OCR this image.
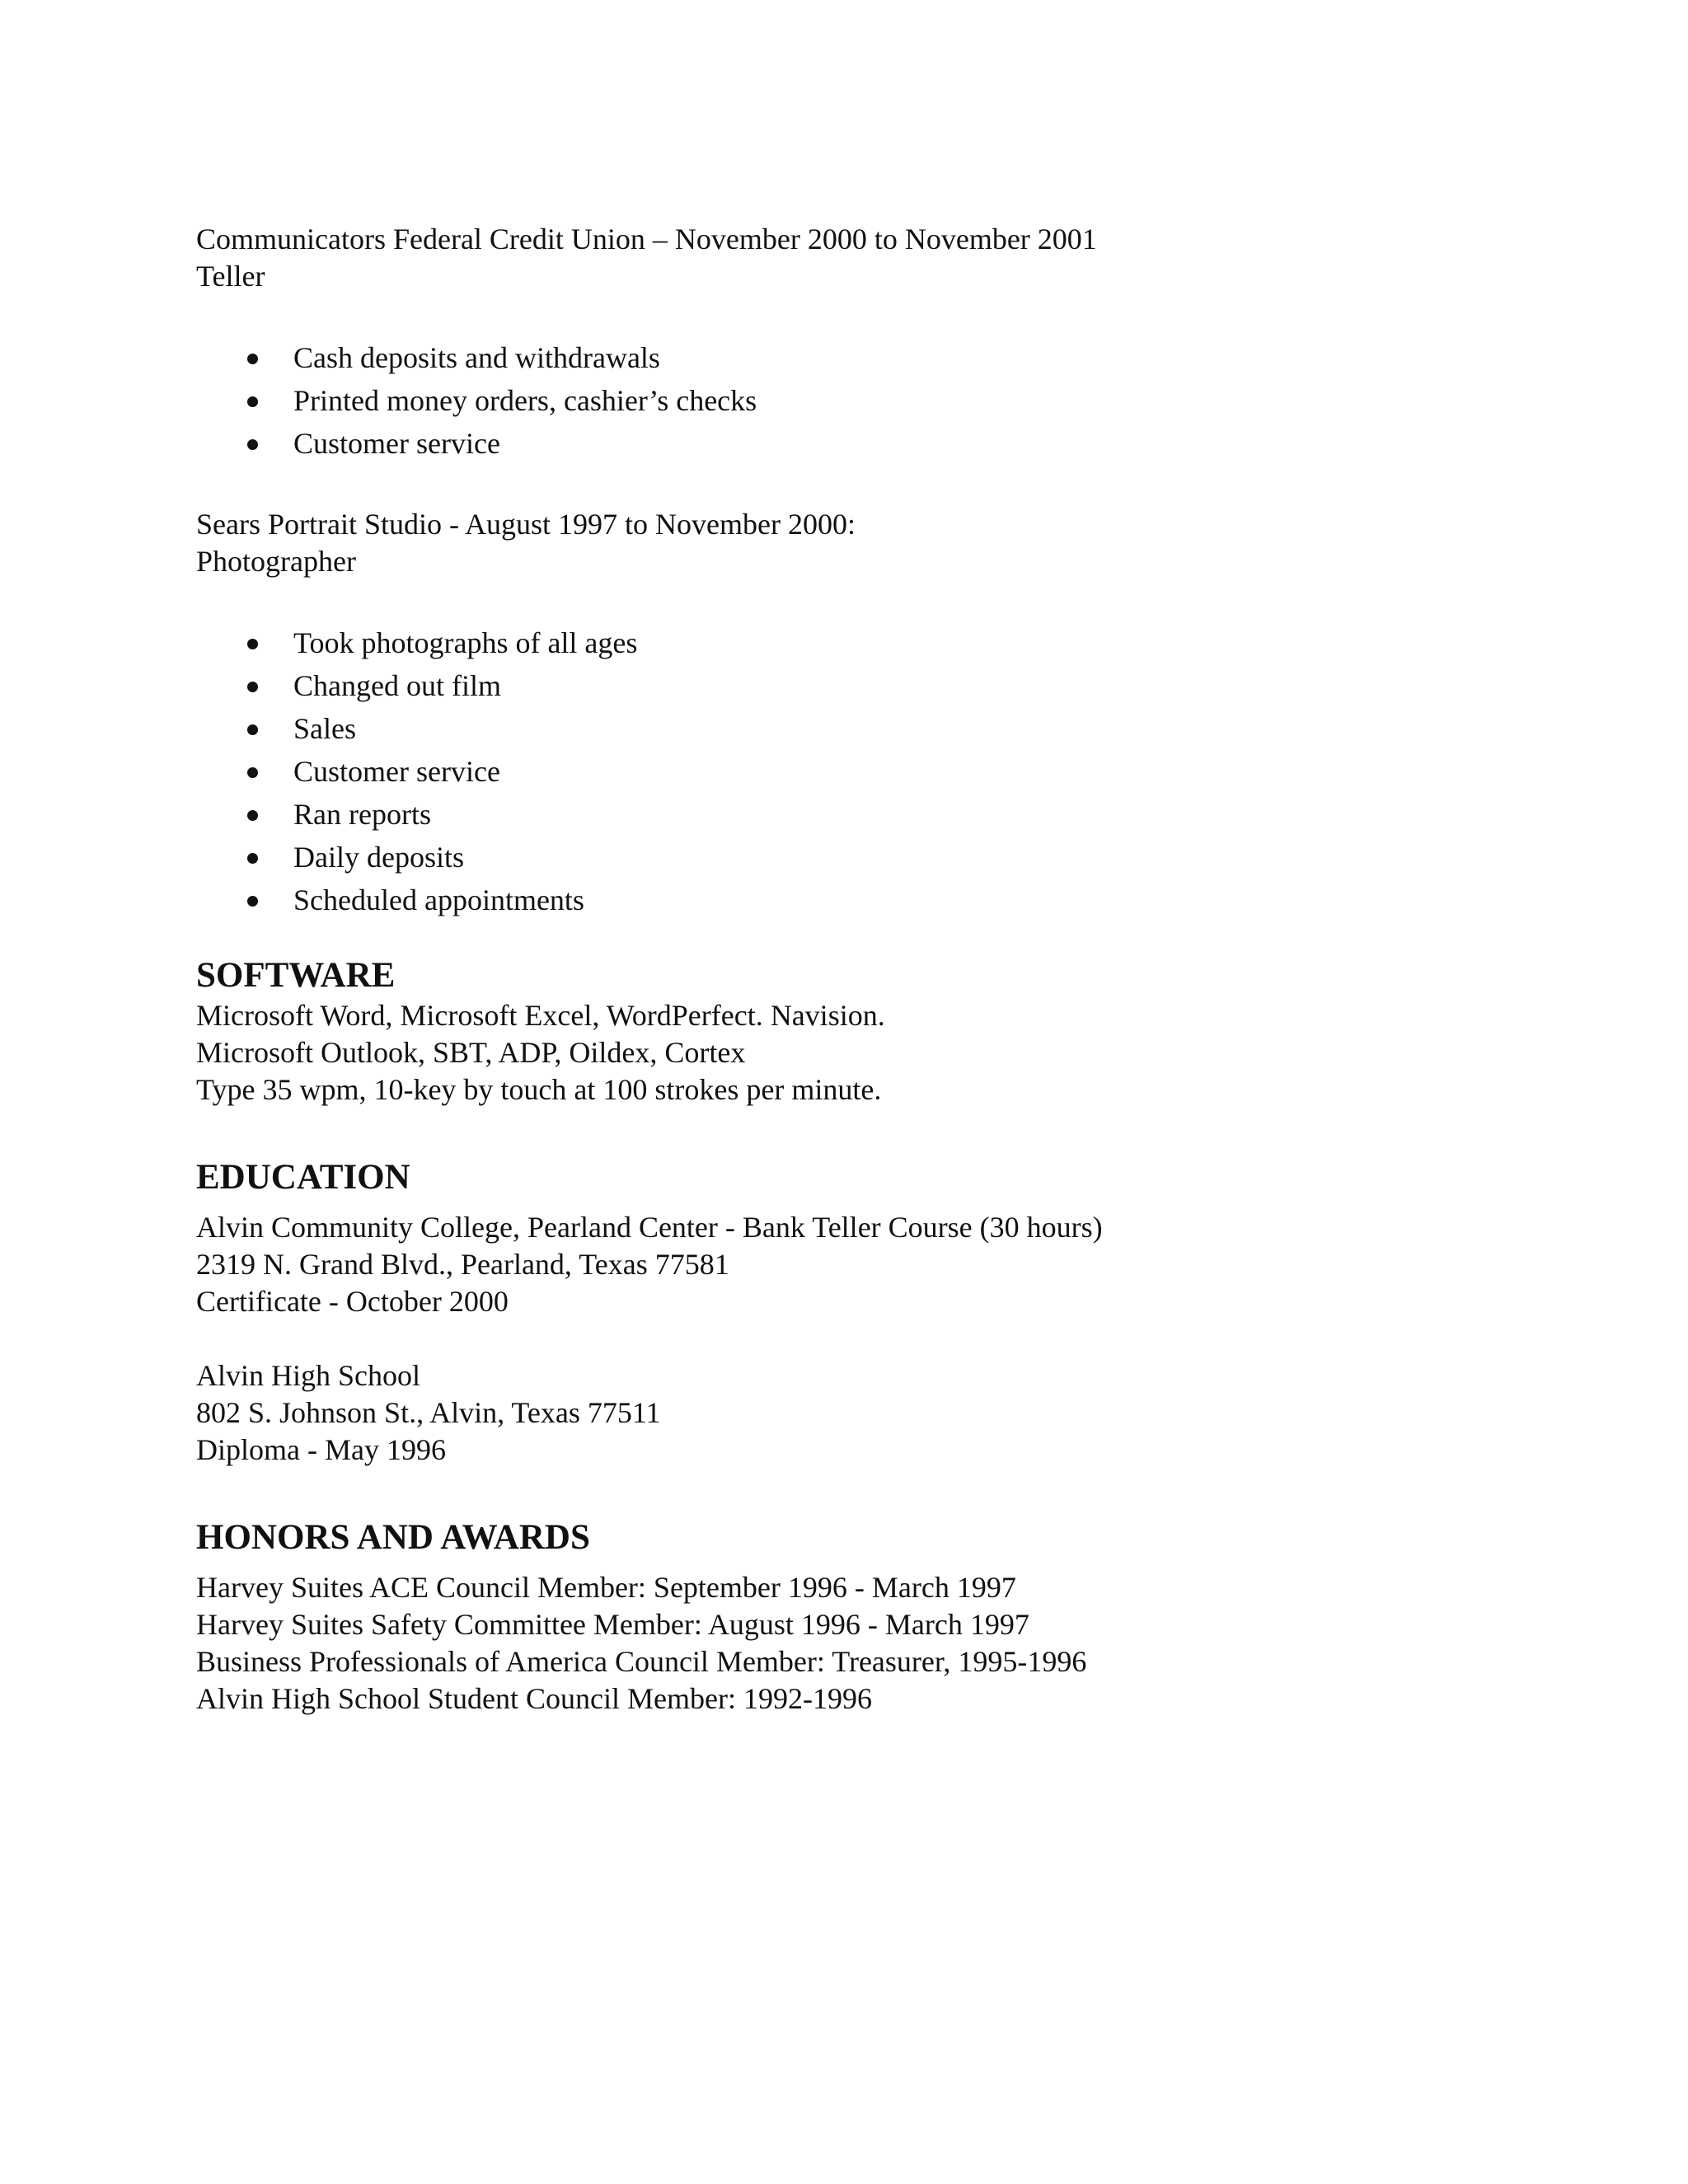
Communicators Federal Credit Union – November 2000 to November 2001
Teller
Cash deposits and withdrawals
Printed money orders, cashier’s checks
Customer service
Sears Portrait Studio - August 1997 to November 2000:
Photographer
Took photographs of all ages
Changed out film
Sales
Customer service
Ran reports
Daily deposits
Scheduled appointments
SOFTWARE
Microsoft Word, Microsoft Excel, WordPerfect. Navision.
Microsoft Outlook, SBT, ADP, Oildex, Cortex
Type 35 wpm, 10-key by touch at 100 strokes per minute.
EDUCATION
Alvin Community College, Pearland Center - Bank Teller Course (30 hours)
2319 N. Grand Blvd., Pearland, Texas 77581
Certificate - October 2000
Alvin High School
802 S. Johnson St., Alvin, Texas 77511
Diploma - May 1996
HONORS AND AWARDS
Harvey Suites ACE Council Member: September 1996 - March 1997
Harvey Suites Safety Committee Member: August 1996 - March 1997
Business Professionals of America Council Member: Treasurer, 1995-1996
Alvin High School Student Council Member: 1992-1996
